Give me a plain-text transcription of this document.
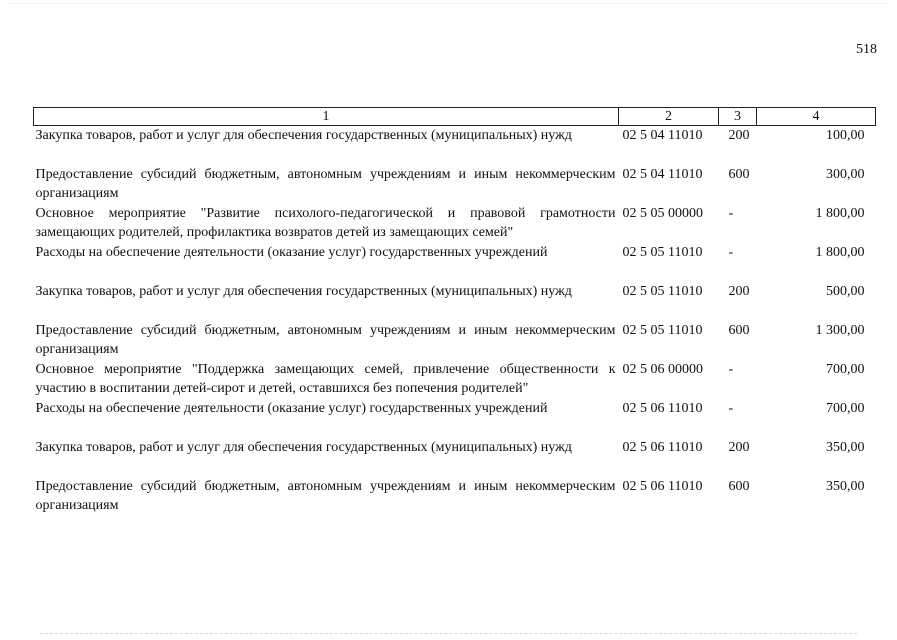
518
1	2	3	4
Закупка товаров, работ и услуг для обеспечения государственных (муниципальных) нужд	02 5 04 11010	200	100,00
Предоставление субсидий бюджетным, автономным учреждениям и иным некоммерческим организациям	02 5 04 11010	600	300,00
Основное мероприятие "Развитие психолого-педагогической и правовой грамотности замещающих родителей, профилактика возвратов детей из замещающих семей"	02 5 05 00000	-	1 800,00
Расходы на обеспечение деятельности (оказание услуг) государственных учреждений	02 5 05 11010	-	1 800,00
Закупка товаров, работ и услуг для обеспечения государственных (муниципальных) нужд	02 5 05 11010	200	500,00
Предоставление субсидий бюджетным, автономным учреждениям и иным некоммерческим организациям	02 5 05 11010	600	1 300,00
Основное мероприятие "Поддержка замещающих семей, привлечение общественности к участию в воспитании детей-сирот и детей, оставшихся без попечения родителей"	02 5 06 00000	-	700,00
Расходы на обеспечение деятельности (оказание услуг) государственных учреждений	02 5 06 11010	-	700,00
Закупка товаров, работ и услуг для обеспечения государственных (муниципальных) нужд	02 5 06 11010	200	350,00
Предоставление субсидий бюджетным, автономным учреждениям и иным некоммерческим организациям	02 5 06 11010	600	350,00
